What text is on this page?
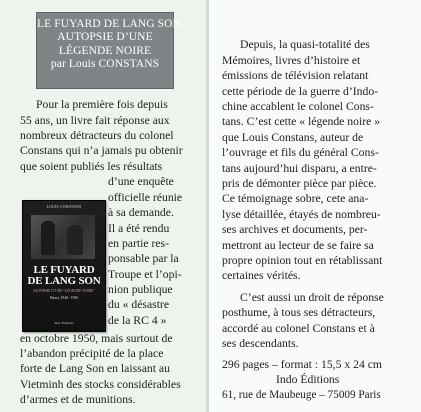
LE FUYARD DE LANG SON
AUTOPSIE D’UNE
LÉGENDE NOIRE
par Louis CONSTANS
Pour la première fois depuis
55 ans, un livre fait réponse aux
nombreux détracteurs du colonel
Constans qui n’a jamais pu obtenir
que soient publiés les résultats
LOUIS CONSTANS
LE FUYARD
DE LANG SON
AUTOPSIE D’UNE “LÉGENDE NOIRE”
Hanoi, 1948 - 1950
Indo Éditions
d’une enquête
officielle réunie
à sa demande.
Il a été rendu
en partie res-
ponsable par la
Troupe et l’opi-
nion publique
du « désastre
de la RC 4 »
en octobre 1950, mais surtout de
l’abandon précipité de la place
forte de Lang Son en laissant au
Vietminh des stocks considérables
d’armes et de munitions.
Depuis, la quasi-totalité des
Mémoires, livres d’histoire et
émissions de télévision relatant
cette période de la guerre d’Indo-
chine accablent le colonel Cons-
tans. C’est cette « légende noire »
que Louis Constans, auteur de
l’ouvrage et fils du général Cons-
tans aujourd’hui disparu, a entre-
pris de démonter pièce par pièce.
Ce témoignage sobre, cete ana-
lyse détaillée, étayés de nombreu-
ses archives et documents, per-
mettront au lecteur de se faire sa
propre opinion tout en rétablissant
certaines vérités.
C’est aussi un droit de réponse
posthume, à tous ses détracteurs,
accordé au colonel Constans et à
ses descendants.
296 pages – format : 15,5 x 24 cm
Indo Éditions
61, rue de Maubeuge – 75009 Paris
